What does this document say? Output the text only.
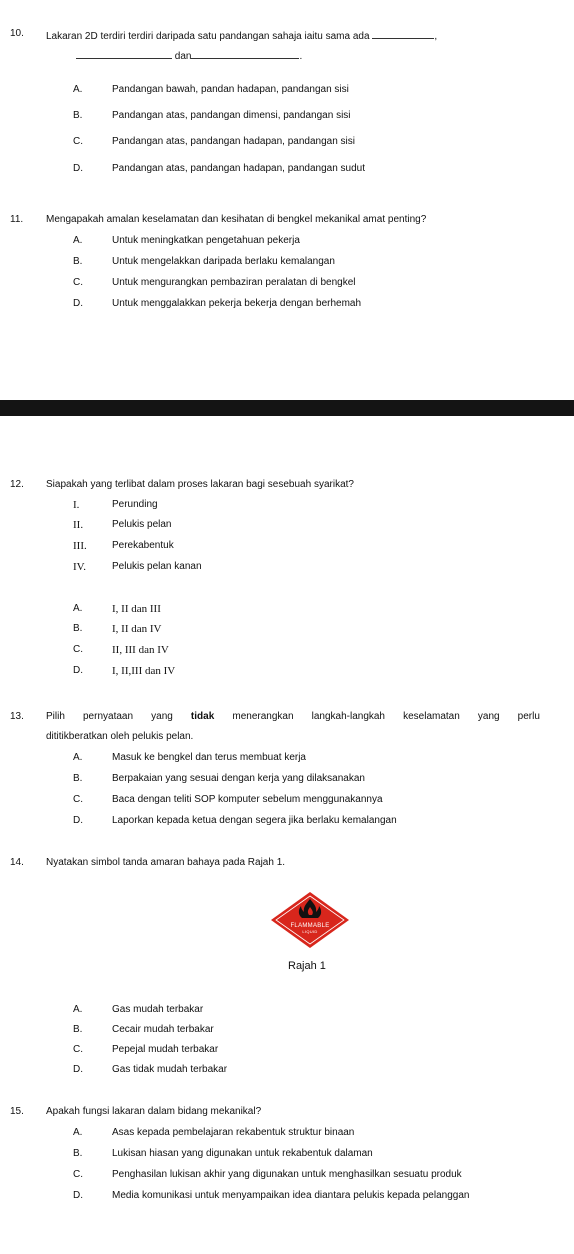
10. Lakaran 2D terdiri terdiri daripada satu pandangan sahaja iaitu sama ada	,
dan	.
A.	Pandangan bawah, pandan hadapan, pandangan sisi
B.	Pandangan atas, pandangan dimensi, pandangan sisi
C.	Pandangan atas, pandangan hadapan, pandangan sisi
D.	Pandangan atas, pandangan hadapan, pandangan sudut
11. Mengapakah amalan keselamatan dan kesihatan di bengkel mekanikal amat penting?
A.	Untuk meningkatkan pengetahuan pekerja
B.	Untuk mengelakkan daripada berlaku kemalangan
C.	Untuk mengurangkan pembaziran peralatan di bengkel
D.	Untuk menggalakkan pekerja bekerja dengan berhemah
12. Siapakah yang terlibat dalam proses lakaran bagi sesebuah syarikat?
I.	Perunding
II.	Pelukis pelan
III.	Perekabentuk
IV.	Pelukis pelan kanan
A.	I, II dan III
B.	I, II dan IV
C.	II, III dan IV
D.	I, II,III dan IV
13. Pilih pernyataan yang tidak menerangkan langkah-langkah keselamatan yang perlu
dititikberatkan oleh pelukis pelan.
A.	Masuk ke bengkel dan terus membuat kerja
B.	Berpakaian yang sesuai dengan kerja yang dilaksanakan
C.	Baca dengan teliti SOP komputer sebelum menggunakannya
D.	Laporkan kepada ketua dengan segera jika berlaku kemalangan
14. Nyatakan simbol tanda amaran bahaya pada Rajah 1.
FLAMMABLE
LIQUID
Rajah 1
A.	Gas mudah terbakar
B.	Cecair mudah terbakar
C.	Pepejal mudah terbakar
D.	Gas tidak mudah terbakar
15. Apakah fungsi lakaran dalam bidang mekanikal?
A.	Asas kepada pembelajaran rekabentuk struktur binaan
B.	Lukisan hiasan yang digunakan untuk rekabentuk dalaman
C.	Penghasilan lukisan akhir yang digunakan untuk menghasilkan sesuatu produk
D.	Media komunikasi untuk menyampaikan idea diantara pelukis kepada pelanggan
